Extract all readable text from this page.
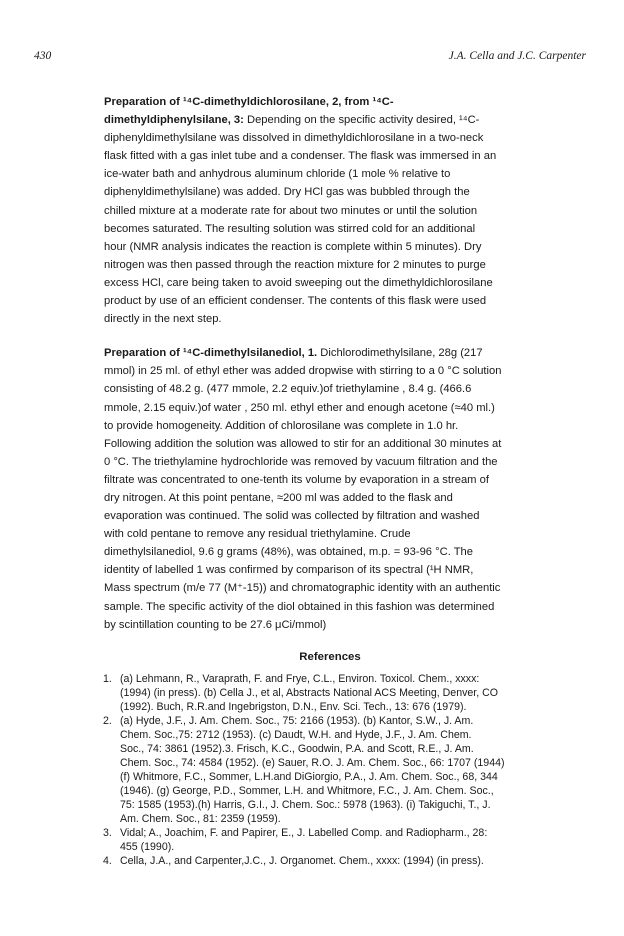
430	J.A. Cella and J.C. Carpenter

Preparation of ¹⁴C-dimethyldichlorosilane, 2, from ¹⁴C-
dimethyldiphenylsilane, 3: Depending on the specific activity desired, ¹⁴C-
diphenyldimethylsilane was dissolved in dimethyldichlorosilane in a two-neck
flask fitted with a gas inlet tube and a condenser. The flask was immersed in an
ice-water bath and anhydrous aluminum chloride (1 mole % relative to
diphenyldimethylsilane) was added. Dry HCl gas was bubbled through the
chilled mixture at a moderate rate for about two minutes or until the solution
becomes saturated. The resulting solution was stirred cold for an additional
hour (NMR analysis indicates the reaction is complete within 5 minutes). Dry
nitrogen was then passed through the reaction mixture for 2 minutes to purge
excess HCl, care being taken to avoid sweeping out the dimethyldichlorosilane
product by use of an efficient condenser. The contents of this flask were used
directly in the next step.

Preparation of ¹⁴C-dimethylsilanediol, 1. Dichlorodimethylsilane, 28g (217
mmol) in 25 ml. of ethyl ether was added dropwise with stirring to a 0 °C solution
consisting of 48.2 g. (477 mmole, 2.2 equiv.)of triethylamine , 8.4 g. (466.6
mmole, 2.15 equiv.)of water , 250 ml. ethyl ether and enough acetone (≈40 ml.)
to provide homogeneity. Addition of chlorosilane was complete in 1.0 hr.
Following addition the solution was allowed to stir for an additional 30 minutes at
0 °C. The triethylamine hydrochloride was removed by vacuum filtration and the
filtrate was concentrated to one-tenth its volume by evaporation in a stream of
dry nitrogen. At this point pentane, ≈200 ml was added to the flask and
evaporation was continued. The solid was collected by filtration and washed
with cold pentane to remove any residual triethylamine. Crude
dimethylsilanediol, 9.6 g grams (48%), was obtained, m.p. = 93-96 °C. The
identity of labelled 1 was confirmed by comparison of its spectral (¹H NMR,
Mass spectrum (m/e 77 (M⁺-15)) and chromatographic identity with an authentic
sample. The specific activity of the diol obtained in this fashion was determined
by scintillation counting to be 27.6 μCi/mmol)

References
1. (a) Lehmann, R., Varaprath, F. and Frye, C.L., Environ. Toxicol. Chem., xxxx:
(1994) (in press). (b) Cella J., et al, Abstracts National ACS Meeting, Denver, CO
(1992). Buch, R.R.and Ingebrigston, D.N., Env. Sci. Tech., 13: 676 (1979).
2. (a) Hyde, J.F., J. Am. Chem. Soc., 75: 2166 (1953). (b) Kantor, S.W., J. Am.
Chem. Soc.,75: 2712 (1953). (c) Daudt, W.H. and Hyde, J.F., J. Am. Chem.
Soc., 74: 3861 (1952).3. Frisch, K.C., Goodwin, P.A. and Scott, R.E., J. Am.
Chem. Soc., 74: 4584 (1952). (e) Sauer, R.O. J. Am. Chem. Soc., 66: 1707 (1944)
(f) Whitmore, F.C., Sommer, L.H.and DiGiorgio, P.A., J. Am. Chem. Soc., 68, 344
(1946). (g) George, P.D., Sommer, L.H. and Whitmore, F.C., J. Am. Chem. Soc.,
75: 1585 (1953).(h) Harris, G.I., J. Chem. Soc.: 5978 (1963). (i) Takiguchi, T., J.
Am. Chem. Soc., 81: 2359 (1959).
3. Vidal; A., Joachim, F. and Papirer, E., J. Labelled Comp. and Radiopharm., 28:
455 (1990).
4. Cella, J.A., and Carpenter,J.C., J. Organomet. Chem., xxxx: (1994) (in press).
